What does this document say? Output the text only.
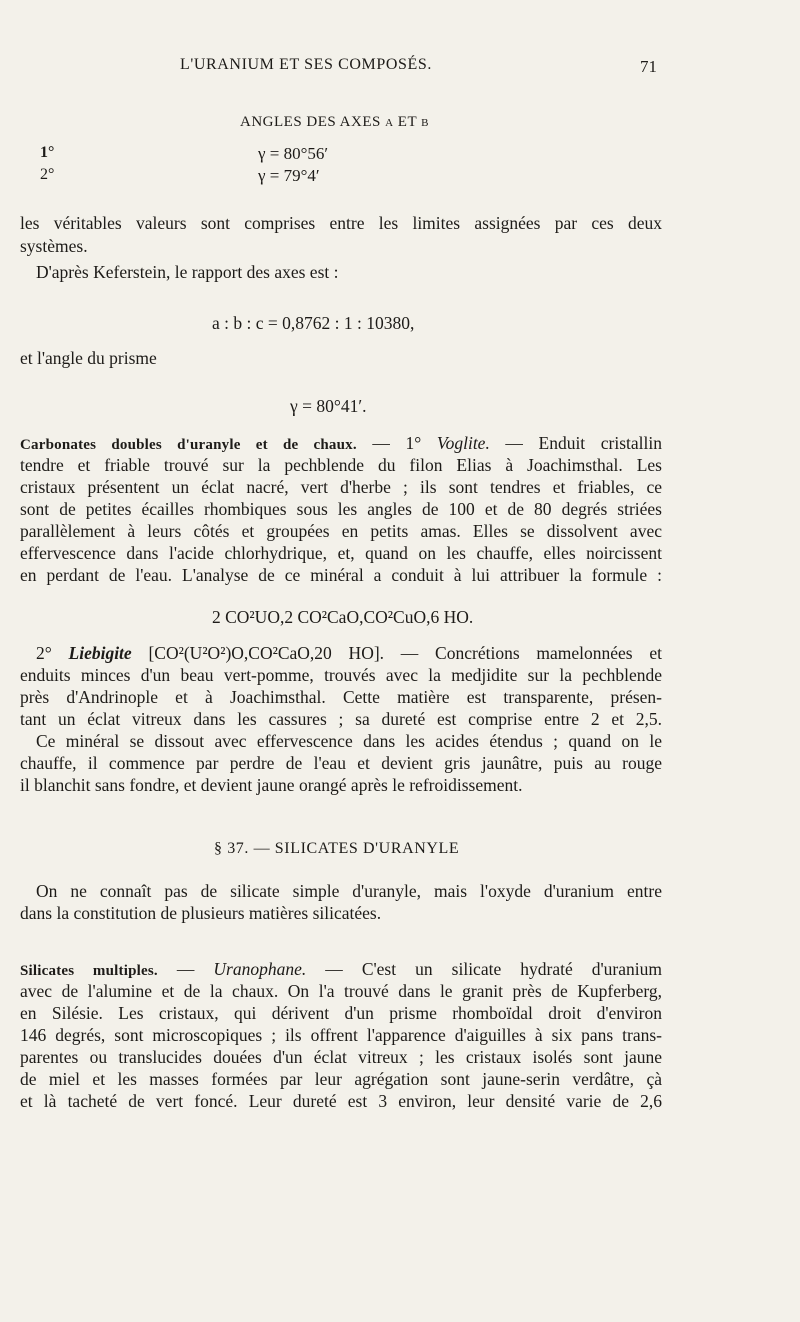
L'URANIUM ET SES COMPOSÉS.	71
ANGLES DES AXES a ET b
1°	γ = 80°56′
2°	γ = 79°4′
les véritables valeurs sont comprises entre les limites assignées par ces deux
systèmes.
D'après Keferstein, le rapport des axes est :
a : b : c = 0,8762 : 1 : 10380,
et l'angle du prisme
γ = 80°41′.
Carbonates doubles d'uranyle et de chaux. — 1° Voglite. — Enduit cristallin
tendre et friable trouvé sur la pechblende du filon Elias à Joachimsthal. Les
cristaux présentent un éclat nacré, vert d'herbe ; ils sont tendres et friables, ce
sont de petites écailles rhombiques sous les angles de 100 et de 80 degrés striées
parallèlement à leurs côtés et groupées en petits amas. Elles se dissolvent avec
effervescence dans l'acide chlorhydrique, et, quand on les chauffe, elles noircissent
en perdant de l'eau. L'analyse de ce minéral a conduit à lui attribuer la formule :
2 CO²UO,2 CO²CaO,CO²CuO,6 HO.
2° Liebigite [CO²(U²O²)O,CO²CaO,20 HO]. — Concrétions mamelonnées et
enduits minces d'un beau vert-pomme, trouvés avec la medjidite sur la pechblende
près d'Andrinople et à Joachimsthal. Cette matière est transparente, présen-
tant un éclat vitreux dans les cassures ; sa dureté est comprise entre 2 et 2,5.
Ce minéral se dissout avec effervescence dans les acides étendus ; quand on le
chauffe, il commence par perdre de l'eau et devient gris jaunâtre, puis au rouge
il blanchit sans fondre, et devient jaune orangé après le refroidissement.
§ 37. — SILICATES D'URANYLE
On ne connaît pas de silicate simple d'uranyle, mais l'oxyde d'uranium entre
dans la constitution de plusieurs matières silicatées.
Silicates multiples. — Uranophane. — C'est un silicate hydraté d'uranium
avec de l'alumine et de la chaux. On l'a trouvé dans le granit près de Kupferberg,
en Silésie. Les cristaux, qui dérivent d'un prisme rhomboïdal droit d'environ
146 degrés, sont microscopiques ; ils offrent l'apparence d'aiguilles à six pans trans-
parentes ou translucides douées d'un éclat vitreux ; les cristaux isolés sont jaune
de miel et les masses formées par leur agrégation sont jaune-serin verdâtre, çà
et là tacheté de vert foncé. Leur dureté est 3 environ, leur densité varie de 2,6
